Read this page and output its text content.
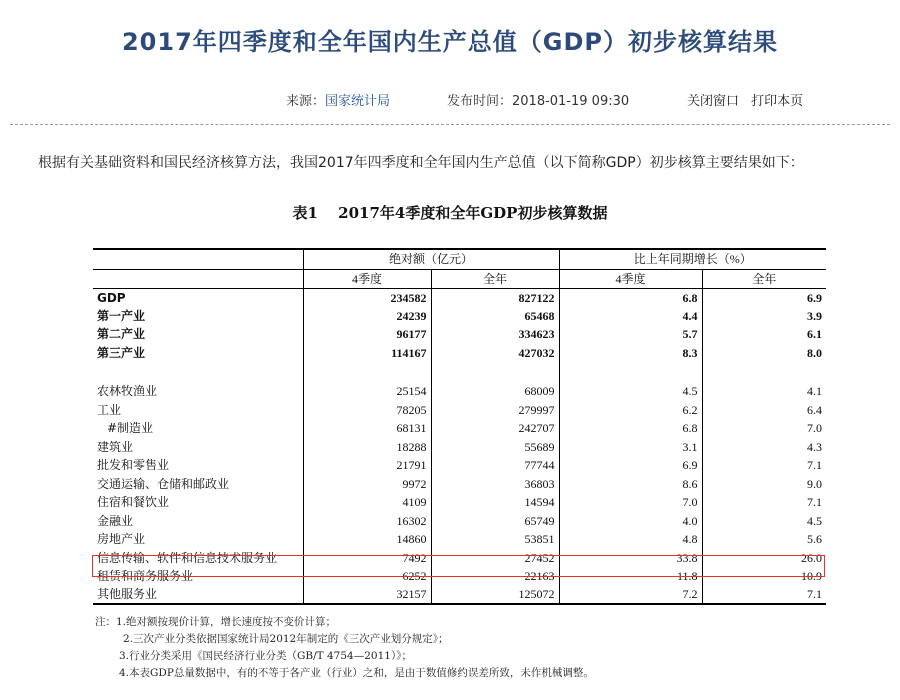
2017年四季度和全年国内生产总值（GDP）初步核算结果
来源：国家统计局	发布时间：2018-01-19 09:30	关闭窗口 打印本页
根据有关基础资料和国民经济核算方法，我国2017年四季度和全年国内生产总值（以下简称GDP）初步核算主要结果如下：
表1　 2017年4季度和全年GDP初步核算数据
	绝对额（亿元）		比上年同期增长（%）	
	4季度	全年	4季度	全年
GDP	234582	827122	6.8	6.9
第一产业	24239	65468	4.4	3.9
第二产业	96177	334623	5.7	6.1
第三产业	114167	427032	8.3	8.0

农林牧渔业	25154	68009	4.5	4.1
工业	78205	279997	6.2	6.4
#制造业	68131	242707	6.8	7.0
建筑业	18288	55689	3.1	4.3
批发和零售业	21791	77744	6.9	7.1
交通运输、仓储和邮政业	9972	36803	8.6	9.0
住宿和餐饮业	4109	14594	7.0	7.1
金融业	16302	65749	4.0	4.5
房地产业	14860	53851	4.8	5.6
信息传输、软件和信息技术服务业	7492	27452	33.8	26.0
租赁和商务服务业	6252	22163	11.8	10.9
其他服务业	32157	125072	7.2	7.1
注：1.绝对额按现价计算，增长速度按不变价计算；
2.三次产业分类依据国家统计局2012年制定的《三次产业划分规定》；
3.行业分类采用《国民经济行业分类（GB/T 4754—2011）》；
4.本表GDP总量数据中，有的不等于各产业（行业）之和，是由于数值修约误差所致，未作机械调整。
